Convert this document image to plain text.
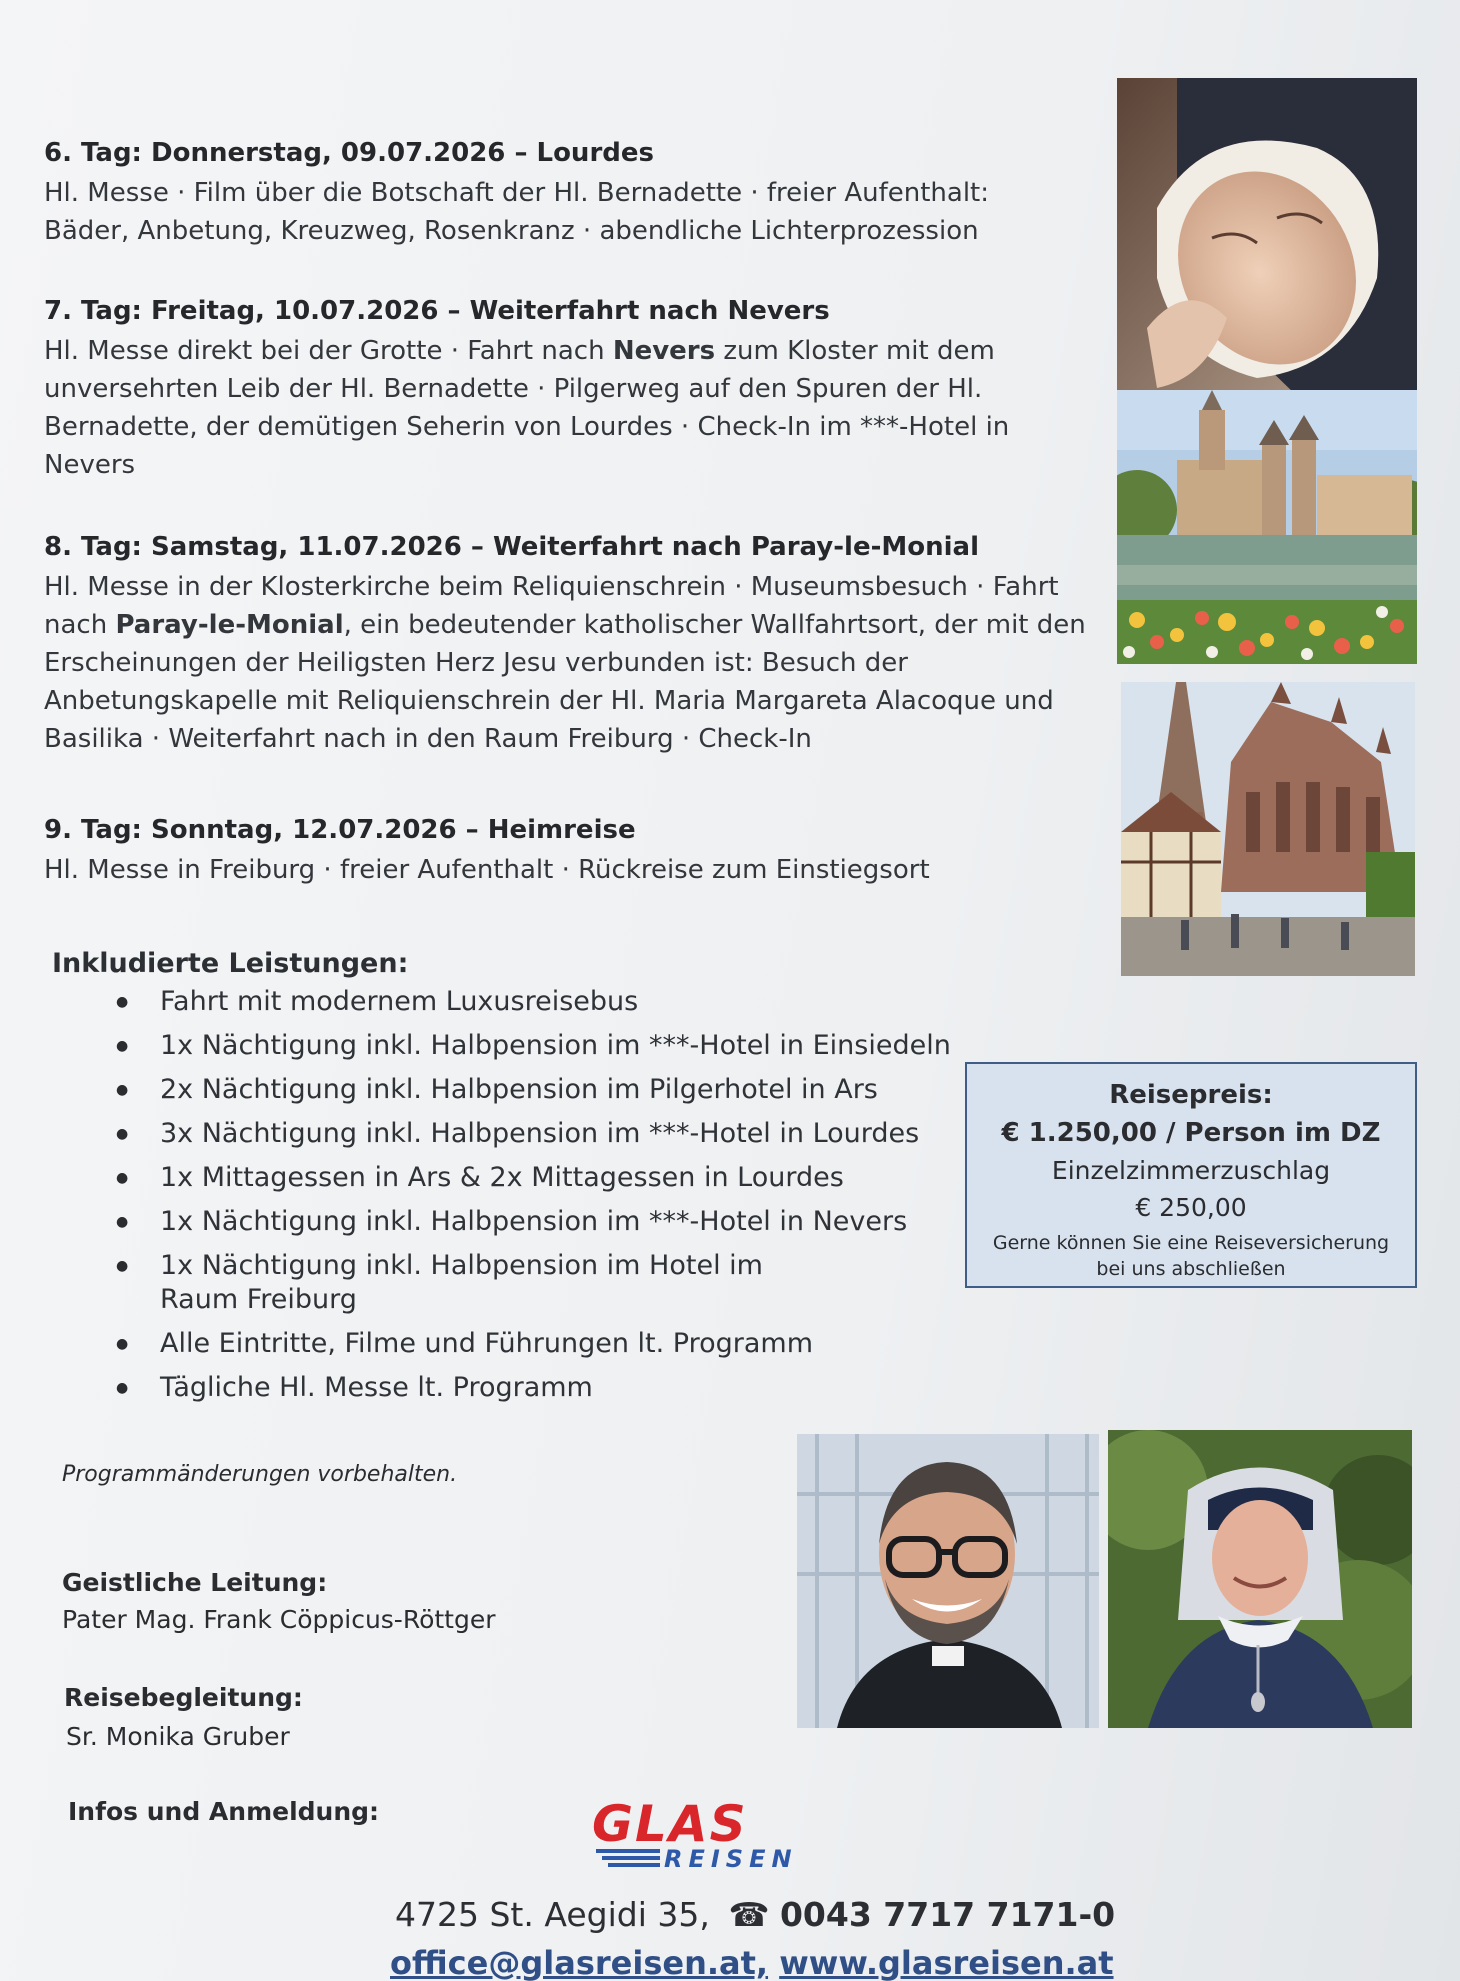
6. Tag: Donnerstag, 09.07.2026 – Lourdes

Hl. Messe · Film über die Botschaft der Hl. Bernadette · freier Aufenthalt: Bäder, Anbetung, Kreuzweg, Rosenkranz · abendliche Lichterprozession

7. Tag: Freitag, 10.07.2026 – Weiterfahrt nach Nevers

Hl. Messe direkt bei der Grotte · Fahrt nach Nevers zum Kloster mit dem unversehrten Leib der Hl. Bernadette · Pilgerweg auf den Spuren der Hl. Bernadette, der demütigen Seherin von Lourdes · Check-In im ***-Hotel in Nevers

8. Tag: Samstag, 11.07.2026 – Weiterfahrt nach Paray-le-Monial

Hl. Messe in der Klosterkirche beim Reliquienschrein · Museumsbesuch · Fahrt nach Paray-le-Monial, ein bedeutender katholischer Wallfahrtsort, der mit den Erscheinungen der Heiligsten Herz Jesu verbunden ist: Besuch der Anbetungskapelle mit Reliquienschrein der Hl. Maria Margareta Alacoque und Basilika · Weiterfahrt nach in den Raum Freiburg · Check-In

9. Tag: Sonntag, 12.07.2026 – Heimreise

Hl. Messe in Freiburg · freier Aufenthalt · Rückreise zum Einstiegsort

Inkludierte Leistungen:
● Fahrt mit modernem Luxusreisebus
● 1x Nächtigung inkl. Halbpension im ***-Hotel in Einsiedeln
● 2x Nächtigung inkl. Halbpension im Pilgerhotel in Ars
● 3x Nächtigung inkl. Halbpension im ***-Hotel in Lourdes
● 1x Mittagessen in Ars & 2x Mittagessen in Lourdes
● 1x Nächtigung inkl. Halbpension im ***-Hotel in Nevers
● 1x Nächtigung inkl. Halbpension im Hotel im Raum Freiburg
● Alle Eintritte, Filme und Führungen lt. Programm
● Tägliche Hl. Messe lt. Programm
Reisepreis:
€ 1.250,00 / Person im DZ
Einzelzimmerzuschlag
€ 250,00
Gerne können Sie eine Reiseversicherung bei uns abschließen
Programmänderungen vorbehalten.
Geistliche Leitung:
Pater Mag. Frank Cöppicus-Röttger
Reisebegleitung:
Sr. Monika Gruber
Infos und Anmeldung:	GLAS
REISEN
4725 St. Aegidi 35, ☎ 0043 7717 7171-0
office@glasreisen.at, www.glasreisen.at
